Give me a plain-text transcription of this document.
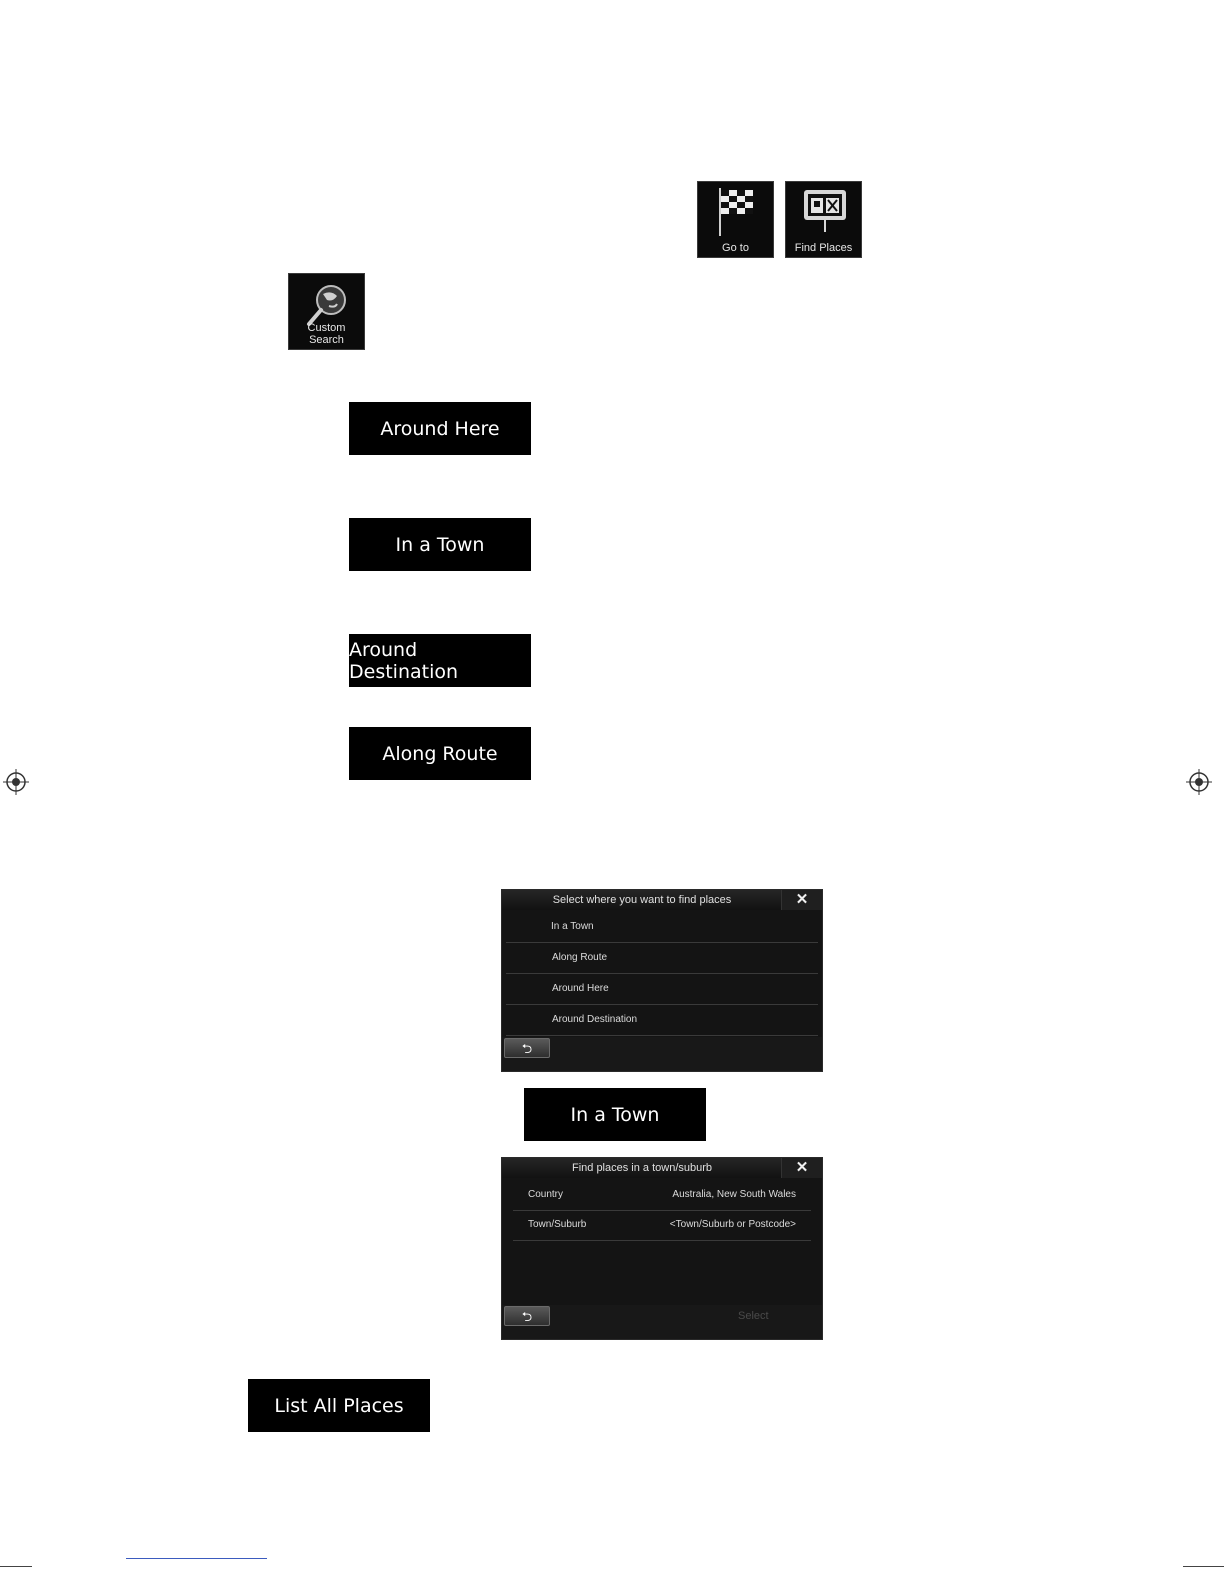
Go to	Find Places
Custom Search
Around Here
In a Town
Around Destination
Along Route
Select where you want to find places	✕
In a Town
Along Route
Around Here
Around Destination
⮌
In a Town
Find places in a town/suburb	✕
Country	Australia, New South Wales
Town/Suburb	<Town/Suburb or Postcode>
⮌	Select
List All Places
